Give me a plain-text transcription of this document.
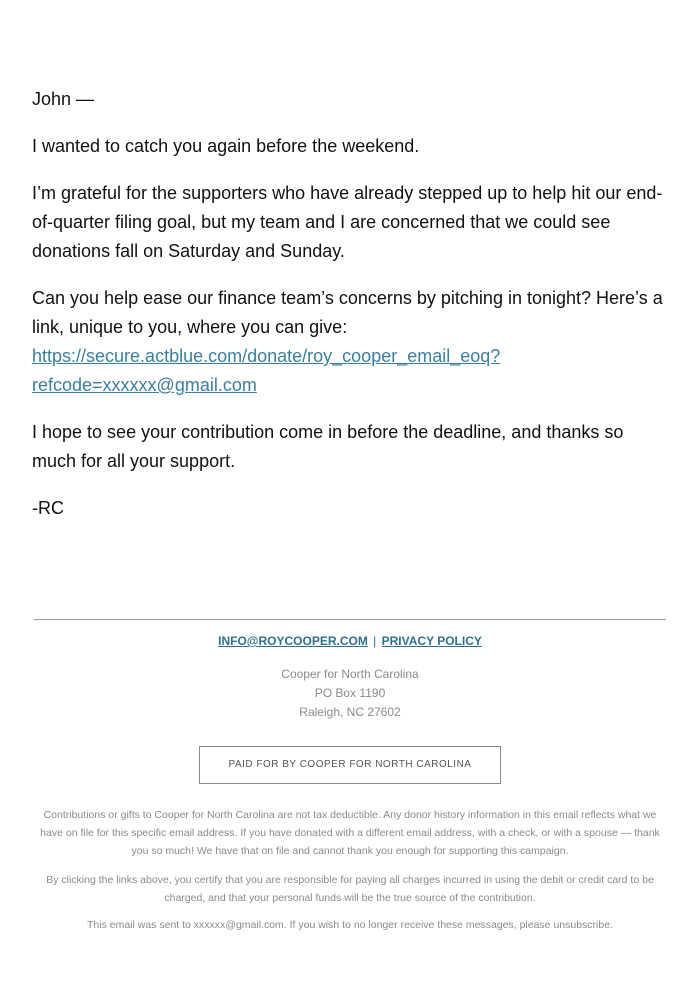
John —

I wanted to catch you again before the weekend.

I’m grateful for the supporters who have already stepped up to help hit our end-of-quarter filing goal, but my team and I are concerned that we could see donations fall on Saturday and Sunday.

Can you help ease our finance team’s concerns by pitching in tonight? Here’s a link, unique to you, where you can give:
https://secure.actblue.com/donate/roy_cooper_email_eoq?
refcode=xxxxxx@gmail.com

I hope to see your contribution come in before the deadline, and thanks so much for all your support.

-RC

INFO@ROYCOOPER.COM | PRIVACY POLICY
Cooper for North Carolina
PO Box 1190
Raleigh, NC 27602
PAID FOR BY COOPER FOR NORTH CAROLINA
Contributions or gifts to Cooper for North Carolina are not tax deductible. Any donor history information in this email reflects what we have on file for this specific email address. If you have donated with a different email address, with a check, or with a spouse — thank you so much! We have that on file and cannot thank you enough for supporting this campaign.
By clicking the links above, you certify that you are responsible for paying all charges incurred in using the debit or credit card to be charged, and that your personal funds will be the true source of the contribution.
This email was sent to xxxxxx@gmail.com. If you wish to no longer receive these messages, please unsubscribe.
